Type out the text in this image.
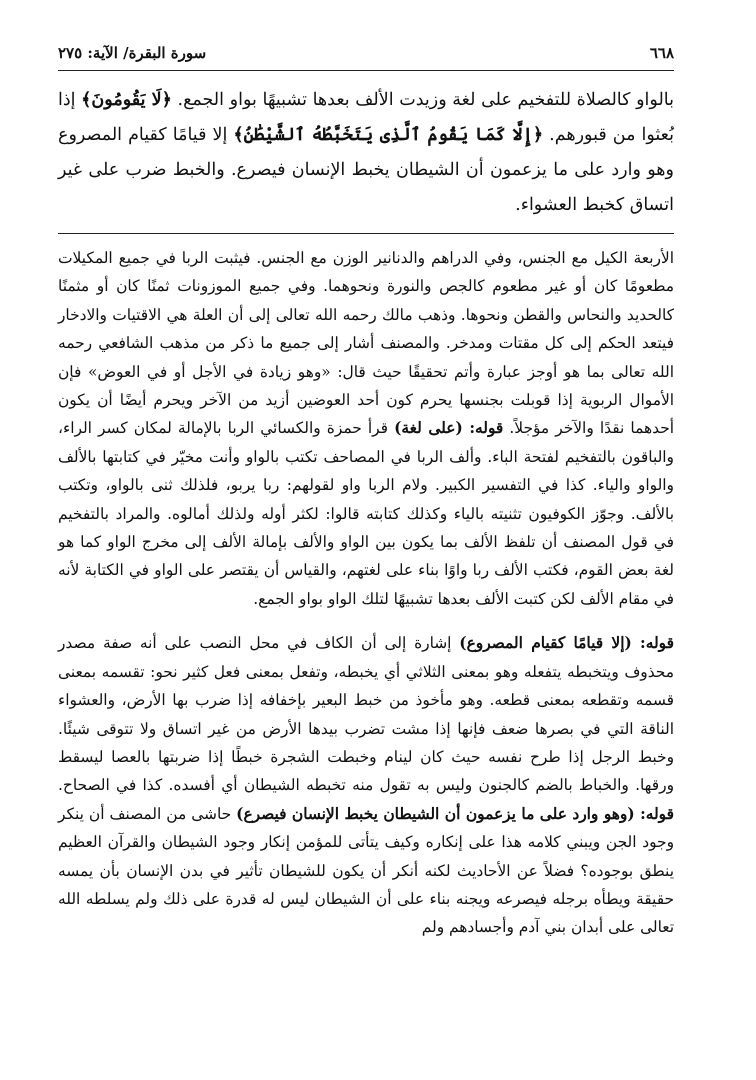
٦٦٨
سورة البقرة/ الآية: ٢٧٥
بالواو كالصلاة للتفخيم على لغة وزيدت الألف بعدها تشبيهًا بواو الجمع. ﴿لَا يَقُومُونَ﴾ إذا بُعثوا من قبورهم. ﴿إِلَّا كَمَا يَقُومُ ٱلَّذِى يَتَخَبَّطُهُ ٱلشَّيْطَٰنُ﴾ إلا قيامًا كقيام المصروع وهو وارد على ما يزعمون أن الشيطان يخبط الإنسان فيصرع. والخبط ضرب على غير اتساق كخبط العشواء.

الأربعة الكيل مع الجنس، وفي الدراهم والدنانير الوزن مع الجنس. فيثبت الربا في جميع المكيلات مطعومًا كان أو غير مطعوم كالجص والنورة ونحوهما. وفي جميع الموزونات ثمنًا كان أو مثمنًا كالحديد والنحاس والقطن ونحوها. وذهب مالك رحمه الله تعالى إلى أن العلة هي الاقتيات والادخار فيتعد الحكم إلى كل مقتات ومدخر. والمصنف أشار إلى جميع ما ذكر من مذهب الشافعي رحمه الله تعالى بما هو أوجز عبارة وأتم تحقيقًا حيث قال: «وهو زيادة في الأجل أو في العوض» فإن الأموال الربوية إذا قوبلت بجنسها يحرم كون أحد العوضين أزيد من الآخر ويحرم أيضًا أن يكون أحدهما نقدًا والآخر مؤجلاً. قوله: (على لغة) قرأ حمزة والكسائي الربا بالإمالة لمكان كسر الراء، والباقون بالتفخيم لفتحة الباء. وألف الربا في المصاحف تكتب بالواو وأنت مخيّر في كتابتها بالألف والواو والياء. كذا في التفسير الكبير. ولام الربا واو لقولهم: ربا يربو، فلذلك ثنى بالواو، وتكتب بالألف. وجوّز الكوفيون تثنيته بالياء وكذلك كتابته قالوا: لكثر أوله ولذلك أمالوه. والمراد بالتفخيم في قول المصنف أن تلفظ الألف بما يكون بين الواو والألف بإمالة الألف إلى مخرج الواو كما هو لغة بعض القوم، فكتب الألف ربا واوًا بناء على لغتهم، والقياس أن يقتصر على الواو في الكتابة لأنه في مقام الألف لكن كتبت الألف بعدها تشبيهًا لتلك الواو بواو الجمع.

قوله: (إلا قيامًا كقيام المصروع) إشارة إلى أن الكاف في محل النصب على أنه صفة مصدر محذوف ويتخبطه يتفعله وهو بمعنى الثلاثي أي يخبطه، وتفعل بمعنى فعل كثير نحو: تقسمه بمعنى قسمه وتقطعه بمعنى قطعه. وهو مأخوذ من خبط البعير بإخفافه إذا ضرب بها الأرض، والعشواء الناقة التي في بصرها ضعف فإنها إذا مشت تضرب بيدها الأرض من غير اتساق ولا تتوقى شيئًا. وخبط الرجل إذا طرح نفسه حيث كان لينام وخبطت الشجرة خبطًا إذا ضربتها بالعصا ليسقط ورقها. والخباط بالضم كالجنون وليس به تقول منه تخبطه الشيطان أي أفسده. كذا في الصحاح. قوله: (وهو وارد على ما يزعمون أن الشيطان يخبط الإنسان فيصرع) حاشى من المصنف أن ينكر وجود الجن ويبني كلامه هذا على إنكاره وكيف يتأتى للمؤمن إنكار وجود الشيطان والقرآن العظيم ينطق بوجوده؟ فضلاً عن الأحاديث لكنه أنكر أن يكون للشيطان تأثير في بدن الإنسان بأن يمسه حقيقة ويطأه برجله فيصرعه ويجنه بناء على أن الشيطان ليس له قدرة على ذلك ولم يسلطه الله تعالى على أبدان بني آدم وأجسادهم ولم
